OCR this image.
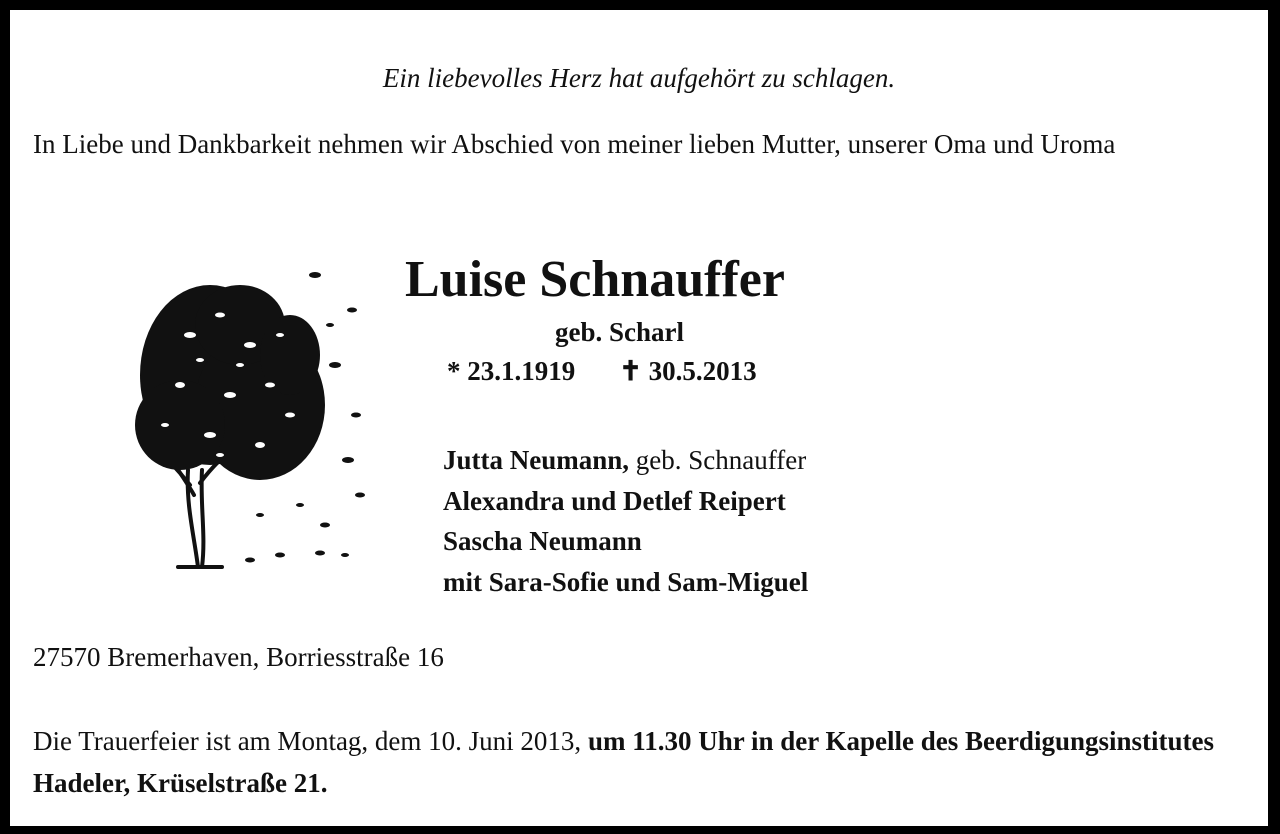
Ein liebevolles Herz hat aufgehört zu schlagen.
In Liebe und Dankbarkeit nehmen wir Abschied von meiner lieben Mutter, unserer Oma und Uroma
Luise Schnauffer
geb. Scharl
* 23.1.1919 ✝ 30.5.2013
Jutta Neumann, geb. Schnauffer
Alexandra und Detlef Reipert
Sascha Neumann
mit Sara-Sofie und Sam-Miguel
27570 Bremerhaven, Borriesstraße 16
Die Trauerfeier ist am Montag, dem 10. Juni 2013, um 11.30 Uhr in der Kapelle des Beerdigungsinstitutes Hadeler, Krüselstraße 21.
